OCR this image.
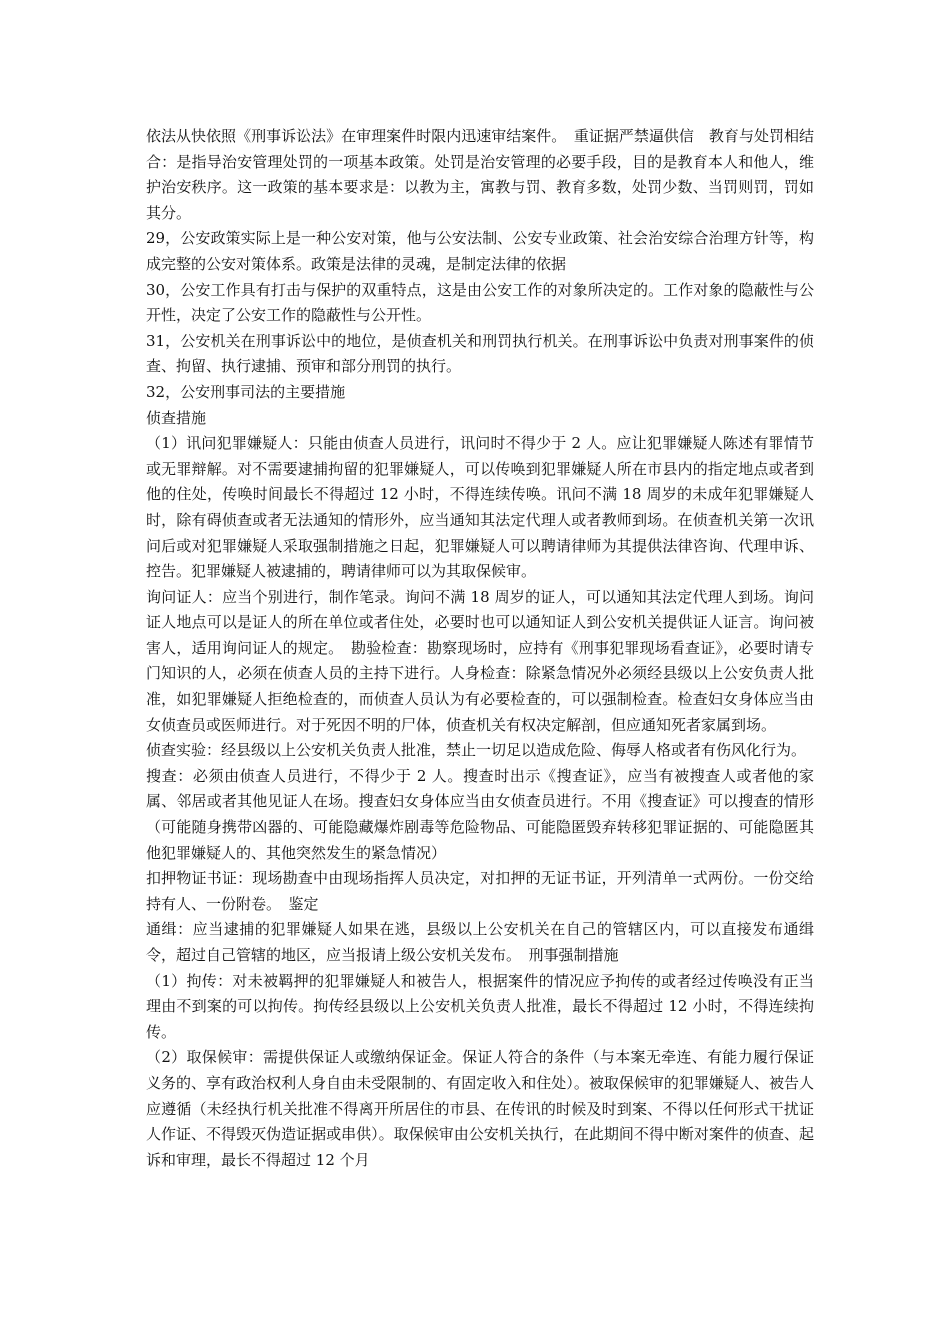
依法从快依照《刑事诉讼法》在审理案件时限内迅速审结案件。　重证据严禁逼供信　教育与处罚相结合：是指导治安管理处罚的一项基本政策。处罚是治安管理的必要手段，目的是教育本人和他人，维护治安秩序。这一政策的基本要求是：以教为主，寓教与罚、教育多数，处罚少数、当罚则罚，罚如其分。

29，公安政策实际上是一种公安对策，他与公安法制、公安专业政策、社会治安综合治理方针等，构成完整的公安对策体系。政策是法律的灵魂，是制定法律的依据

30，公安工作具有打击与保护的双重特点，这是由公安工作的对象所决定的。工作对象的隐蔽性与公开性，决定了公安工作的隐蔽性与公开性。

31，公安机关在刑事诉讼中的地位，是侦查机关和刑罚执行机关。在刑事诉讼中负责对刑事案件的侦查、拘留、执行逮捕、预审和部分刑罚的执行。

32，公安刑事司法的主要措施

侦查措施

（1）讯问犯罪嫌疑人：只能由侦查人员进行，讯问时不得少于 2 人。应让犯罪嫌疑人陈述有罪情节或无罪辩解。对不需要逮捕拘留的犯罪嫌疑人，可以传唤到犯罪嫌疑人所在市县内的指定地点或者到他的住处，传唤时间最长不得超过 12 小时，不得连续传唤。讯问不满 18 周岁的未成年犯罪嫌疑人时，除有碍侦查或者无法通知的情形外，应当通知其法定代理人或者教师到场。在侦查机关第一次讯问后或对犯罪嫌疑人采取强制措施之日起，犯罪嫌疑人可以聘请律师为其提供法律咨询、代理申诉、控告。犯罪嫌疑人被逮捕的，聘请律师可以为其取保候审。

询问证人：应当个别进行，制作笔录。询问不满 18 周岁的证人，可以通知其法定代理人到场。询问证人地点可以是证人的所在单位或者住处，必要时也可以通知证人到公安机关提供证人证言。询问被害人，适用询问证人的规定。　勘验检查：勘察现场时，应持有《刑事犯罪现场看查证》，必要时请专门知识的人，必须在侦查人员的主持下进行。人身检查：除紧急情况外必须经县级以上公安负责人批准，如犯罪嫌疑人拒绝检查的，而侦查人员认为有必要检查的，可以强制检查。检查妇女身体应当由女侦查员或医师进行。对于死因不明的尸体，侦查机关有权决定解剖，但应通知死者家属到场。

侦查实验：经县级以上公安机关负责人批准，禁止一切足以造成危险、侮辱人格或者有伤风化行为。

搜查：必须由侦查人员进行，不得少于 2 人。搜查时出示《搜查证》，应当有被搜查人或者他的家属、邻居或者其他见证人在场。搜查妇女身体应当由女侦查员进行。不用《搜查证》可以搜查的情形（可能随身携带凶器的、可能隐藏爆炸剧毒等危险物品、可能隐匿毁弃转移犯罪证据的、可能隐匿其他犯罪嫌疑人的、其他突然发生的紧急情况）

扣押物证书证：现场勘查中由现场指挥人员决定，对扣押的无证书证，开列清单一式两份。一份交给持有人、一份附卷。　鉴定

通缉：应当逮捕的犯罪嫌疑人如果在逃，县级以上公安机关在自己的管辖区内，可以直接发布通缉令，超过自己管辖的地区，应当报请上级公安机关发布。　刑事强制措施

（1）拘传：对未被羁押的犯罪嫌疑人和被告人，根据案件的情况应予拘传的或者经过传唤没有正当理由不到案的可以拘传。拘传经县级以上公安机关负责人批准，最长不得超过 12 小时，不得连续拘传。

（2）取保候审：需提供保证人或缴纳保证金。保证人符合的条件（与本案无牵连、有能力履行保证义务的、享有政治权利人身自由未受限制的、有固定收入和住处）。被取保候审的犯罪嫌疑人、被告人应遵循（未经执行机关批准不得离开所居住的市县、在传讯的时候及时到案、不得以任何形式干扰证人作证、不得毁灭伪造证据或串供）。取保候审由公安机关执行，在此期间不得中断对案件的侦查、起诉和审理，最长不得超过 12 个月
